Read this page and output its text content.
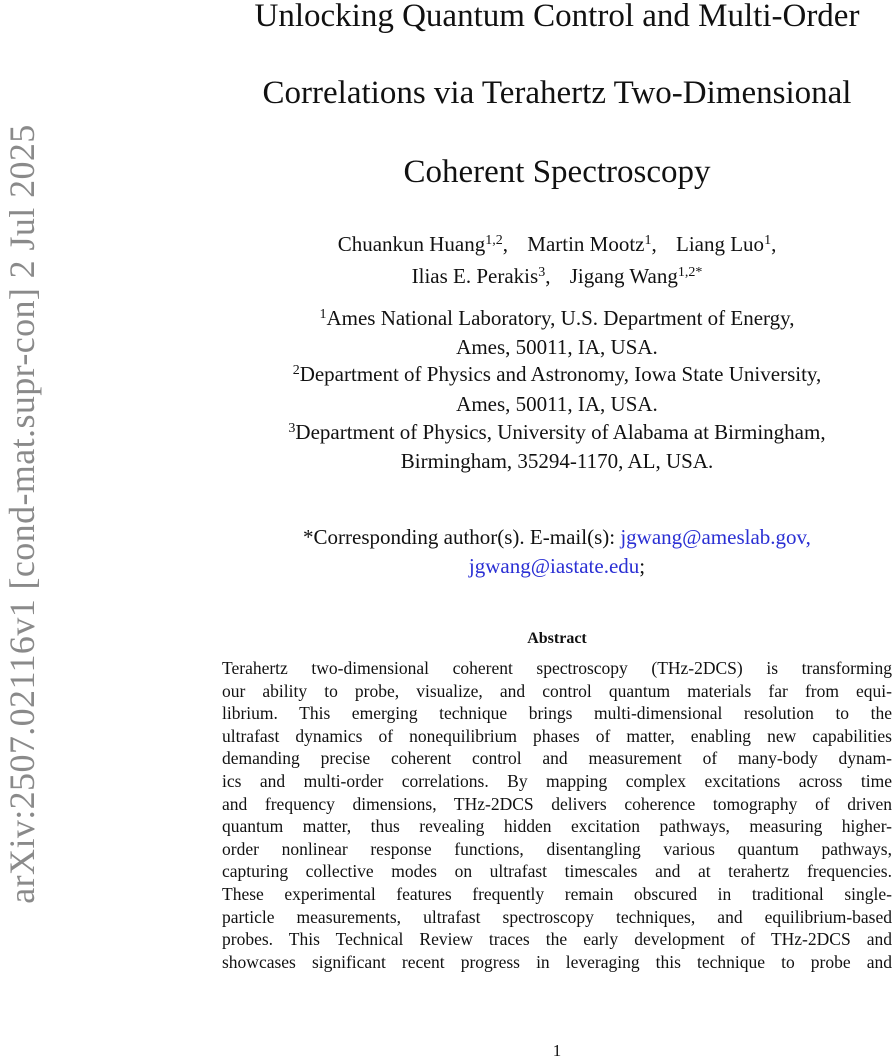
arXiv:2507.02116v1 [cond-mat.supr-con] 2 Jul 2025
Unlocking Quantum Control and Multi-Order
Correlations via Terahertz Two-Dimensional
Coherent Spectroscopy
Chuankun Huang$^{1,2}$, Martin Mootz$^1$, Liang Luo$^1$,
Ilias E. Perakis$^3$, Jigang Wang$^{1,2*}$
$^1$Ames National Laboratory, U.S. Department of Energy,
Ames, 50011, IA, USA.
$^2$Department of Physics and Astronomy, Iowa State University,
Ames, 50011, IA, USA.
$^3$Department of Physics, University of Alabama at Birmingham,
Birmingham, 35294-1170, AL, USA.
*Corresponding author(s). E-mail(s): jgwang@ameslab.gov,
jgwang@iastate.edu;
Abstract
Terahertz two-dimensional coherent spectroscopy (THz-2DCS) is transforming
our ability to probe, visualize, and control quantum materials far from equi-
librium. This emerging technique brings multi-dimensional resolution to the
ultrafast dynamics of nonequilibrium phases of matter, enabling new capabilities
demanding precise coherent control and measurement of many-body dynam-
ics and multi-order correlations. By mapping complex excitations across time
and frequency dimensions, THz-2DCS delivers coherence tomography of driven
quantum matter, thus revealing hidden excitation pathways, measuring higher-
order nonlinear response functions, disentangling various quantum pathways,
capturing collective modes on ultrafast timescales and at terahertz frequencies.
These experimental features frequently remain obscured in traditional single-
particle measurements, ultrafast spectroscopy techniques, and equilibrium-based
probes. This Technical Review traces the early development of THz-2DCS and
showcases significant recent progress in leveraging this technique to probe and
1
